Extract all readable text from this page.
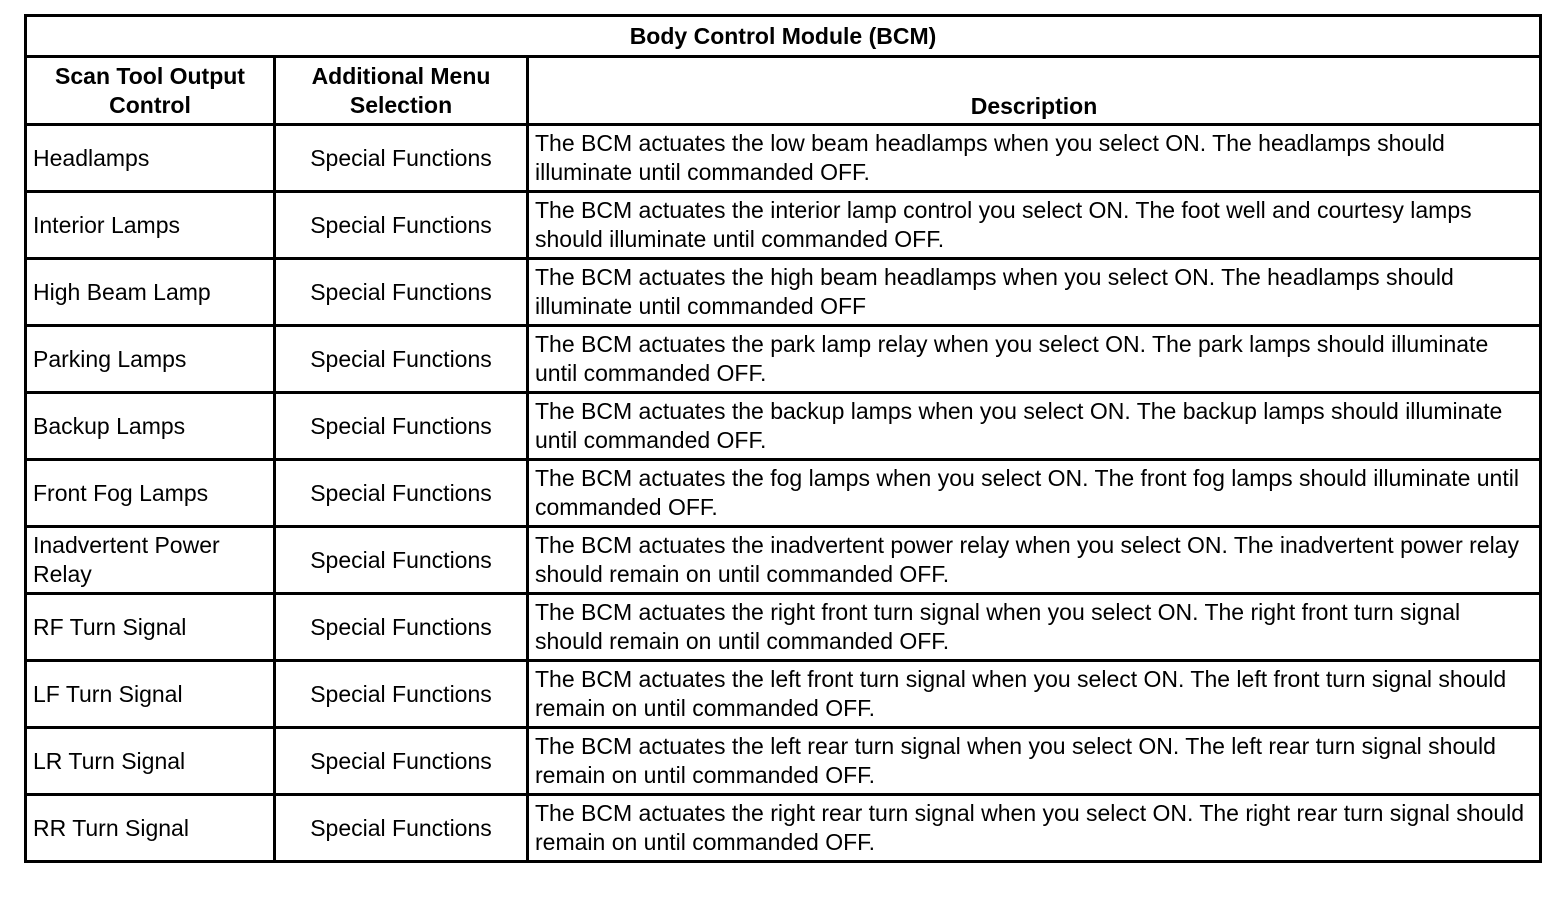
Body Control Module (BCM)		
Scan Tool Output Control	Additional Menu Selection	Description
Headlamps	Special Functions	The BCM actuates the low beam headlamps when you select ON. The headlamps should illuminate until commanded OFF.
Interior Lamps	Special Functions	The BCM actuates the interior lamp control you select ON. The foot well and courtesy lamps should illuminate until commanded OFF.
High Beam Lamp	Special Functions	The BCM actuates the high beam headlamps when you select ON. The headlamps should illuminate until commanded OFF
Parking Lamps	Special Functions	The BCM actuates the park lamp relay when you select ON. The park lamps should illuminate until commanded OFF.
Backup Lamps	Special Functions	The BCM actuates the backup lamps when you select ON. The backup lamps should illuminate until commanded OFF.
Front Fog Lamps	Special Functions	The BCM actuates the fog lamps when you select ON. The front fog lamps should illuminate until commanded OFF.
Inadvertent Power Relay	Special Functions	The BCM actuates the inadvertent power relay when you select ON. The inadvertent power relay should remain on until commanded OFF.
RF Turn Signal	Special Functions	The BCM actuates the right front turn signal when you select ON. The right front turn signal should remain on until commanded OFF.
LF Turn Signal	Special Functions	The BCM actuates the left front turn signal when you select ON. The left front turn signal should remain on until commanded OFF.
LR Turn Signal	Special Functions	The BCM actuates the left rear turn signal when you select ON. The left rear turn signal should remain on until commanded OFF.
RR Turn Signal	Special Functions	The BCM actuates the right rear turn signal when you select ON. The right rear turn signal should remain on until commanded OFF.
